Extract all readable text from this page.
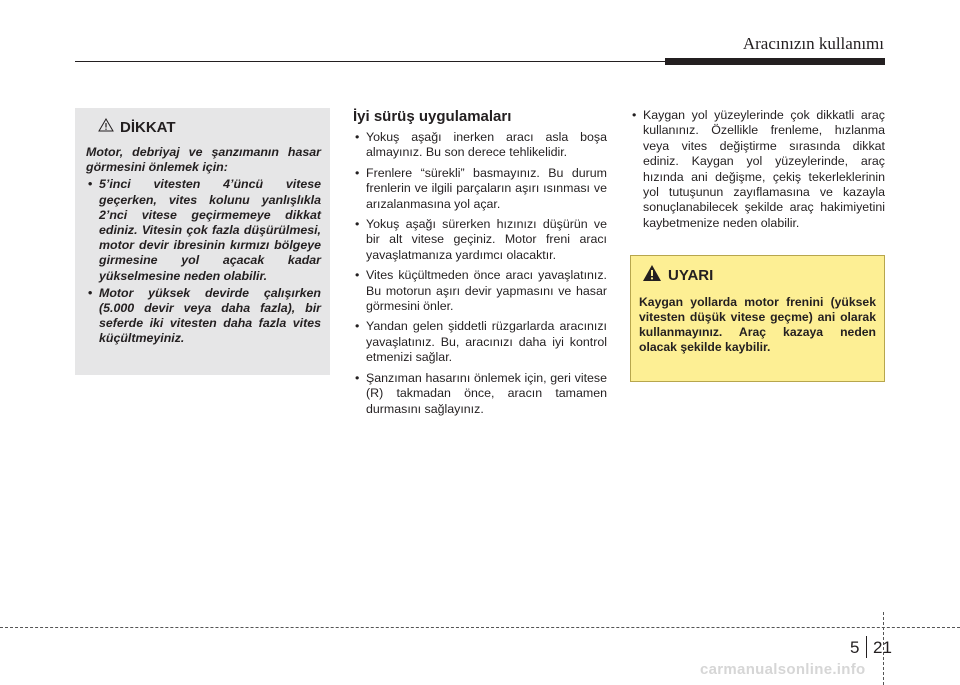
Aracınızın kullanımı
DİKKAT

Motor, debriyaj ve şanzımanın hasar görmesini önlemek için:

• 5’inci vitesten 4’üncü vitese geçerken, vites kolunu yanlışlıkla 2’nci vitese geçirmemeye dikkat ediniz. Vitesin çok fazla düşürülmesi, motor devir ibresinin kırmızı bölgeye girmesine yol açacak kadar yükselmesine neden olabilir.
• Motor yüksek devirde çalışırken (5.000 devir veya daha fazla), bir seferde iki vitesten daha fazla vites küçültmeyiniz.
İyi sürüş uygulamaları
• Yokuş aşağı inerken aracı asla boşa almayınız. Bu son derece tehlikelidir.
• Frenlere “sürekli” basmayınız. Bu durum frenlerin ve ilgili parçaların aşırı ısınması ve arızalanmasına yol açar.
• Yokuş aşağı sürerken hızınızı düşürün ve bir alt vitese geçiniz. Motor freni aracı yavaşlatmanıza yardımcı olacaktır.
• Vites küçültmeden önce aracı yavaşlatınız. Bu motorun aşırı devir yapmasını ve hasar görmesini önler.
• Yandan gelen şiddetli rüzgarlarda aracınızı yavaşlatınız. Bu, aracınızı daha iyi kontrol etmenizi sağlar.
• Şanzıman hasarını önlemek için, geri vitese (R) takmadan önce, aracın tamamen durmasını sağlayınız.
• Kaygan yol yüzeylerinde çok dikkatli araç kullanınız. Özellikle frenleme, hızlanma veya vites değiştirme sırasında dikkat ediniz. Kaygan yol yüzeylerinde, araç hızında ani değişme, çekiş tekerleklerinin yol tutuşunun zayıflamasına ve kazayla sonuçlanabilecek şekilde araç hakimiyetini kaybetmenize neden olabilir.
UYARI

Kaygan yollarda motor frenini (yüksek vitesten düşük vitese geçme) ani olarak kullanmayınız. Araç kazaya neden olacak şekilde kaybilir.

5 21
carmanualsonline.info
